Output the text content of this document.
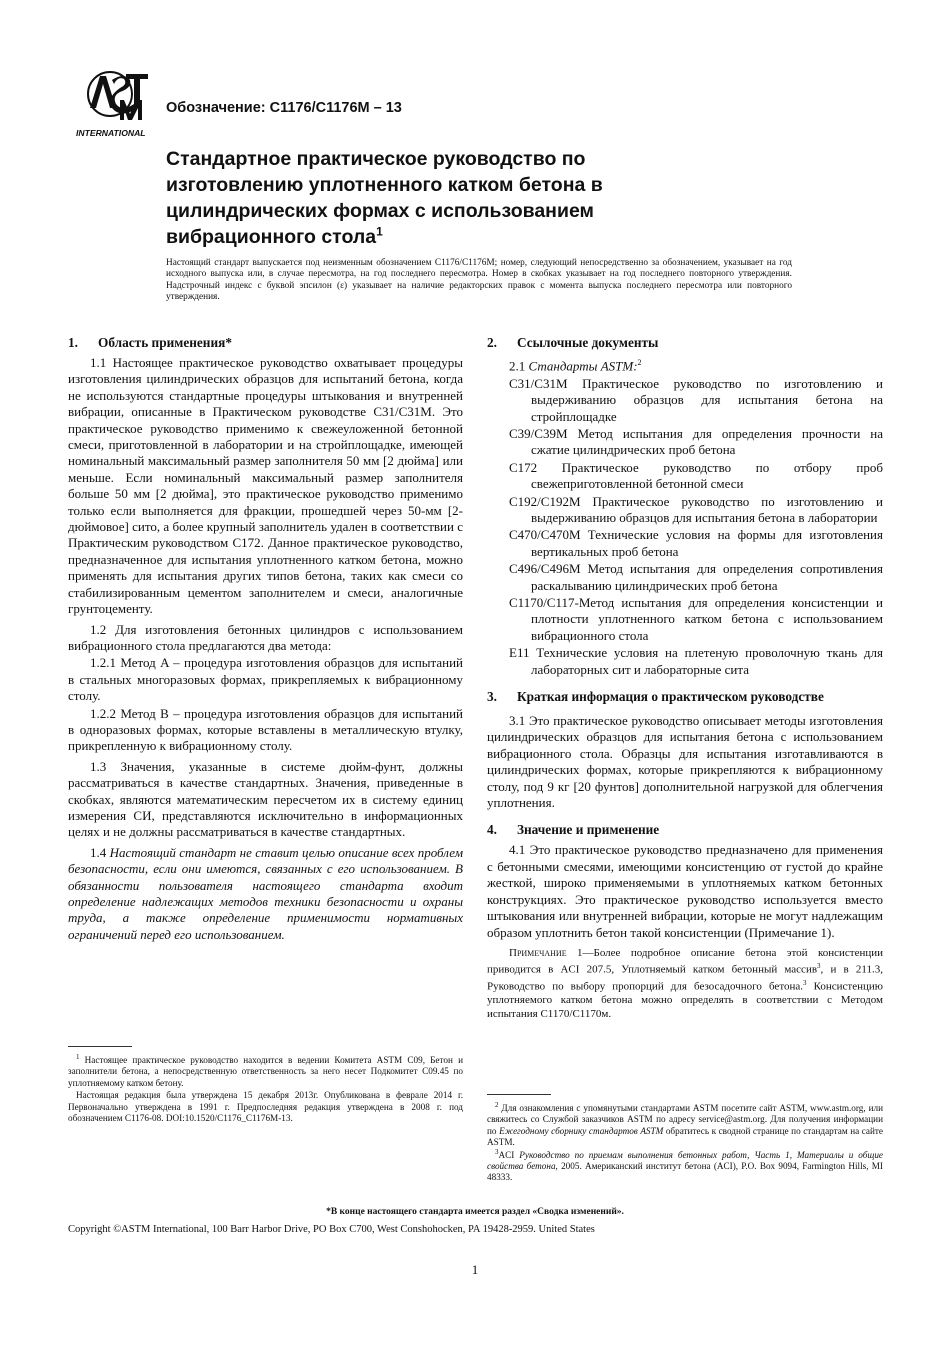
INTERNATIONAL
Обозначение: C1176/C1176M – 13
Стандартное практическое руководство по изготовлению уплотненного катком бетона в цилиндрических формах с использованием вибрационного стола$^1$
Настоящий стандарт выпускается под неизменным обозначением C1176/C1176M; номер, следующий непосредственно за обозначением, указывает на год исходного выпуска или, в случае пересмотра, на год последнего пересмотра. Номер в скобках указывает на год последнего повторного утверждения. Надстрочный индекс с буквой эпсилон (ε) указывает на наличие редакторских правок с момента выпуска последнего пересмотра или повторного утверждения.
1.	Область применения*

1.1 Настоящее практическое руководство охватывает процедуры изготовления цилиндрических образцов для испытаний бетона, когда не используются стандартные процедуры штыкования и внутренней вибрации, описанные в Практическом руководстве C31/C31M. Это практическое руководство применимо к свежеуложенной бетонной смеси, приготовленной в лаборатории и на стройплощадке, имеющей номинальный максимальный размер заполнителя 50 мм [2 дюйма] или меньше. Если номинальный максимальный размер заполнителя больше 50 мм [2 дюйма], это практическое руководство применимо только если выполняется для фракции, прошедшей через 50-мм [2-дюймовое] сито, а более крупный заполнитель удален в соответствии с Практическим руководством C172. Данное практическое руководство, предназначенное для испытания уплотненного катком бетона, можно применять для испытания других типов бетона, таких как смеси со стабилизированным цементом заполнителем и смеси, аналогичные грунтоцементу.

1.2 Для изготовления бетонных цилиндров с использованием вибрационного стола предлагаются два метода:

1.2.1 Метод A – процедура изготовления образцов для испытаний в стальных многоразовых формах, прикрепляемых к вибрационному столу.

1.2.2 Метод B – процедура изготовления образцов для испытаний в одноразовых формах, которые вставлены в металлическую втулку, прикрепленную к вибрационному столу.

1.3 Значения, указанные в системе дюйм-фунт, должны рассматриваться в качестве стандартных. Значения, приведенные в скобках, являются математическим пересчетом их в систему единиц измерения СИ, представляются исключительно в информационных целях и не должны рассматриваться в качестве стандартных.

1.4 Настоящий стандарт не ставит целью описание всех проблем безопасности, если они имеются, связанных с его использованием. В обязанности пользователя настоящего стандарта входит определение надлежащих методов техники безопасности и охраны труда, а также определение применимости нормативных ограничений перед его использованием.

$^1$ Настоящее практическое руководство находится в ведении Комитета ASTM C09, Бетон и заполнители бетона, а непосредственную ответственность за него несет Подкомитет C09.45 по уплотняемому катком бетону.

Настоящая редакция была утверждена 15 декабря 2013г. Опубликована в феврале 2014 г. Первоначально утверждена в 1991 г. Предпоследняя редакция утверждена в 2008 г. под обозначением C1176-08. DOI:10.1520/C1176_C1176M-13.

2.	Ссылочные документы
2.1 Стандарты ASTM:$^2$
C31/C31M Практическое руководство по изготовлению и выдерживанию образцов для испытания бетона на стройплощадке
C39/C39M Метод испытания для определения прочности на сжатие цилиндрических проб бетона
C172 Практическое руководство по отбору проб свежеприготовленной бетонной смеси
C192/C192M Практическое руководство по изготовлению и выдерживанию образцов для испытания бетона в лаборатории
C470/C470M Технические условия на формы для изготовления вертикальных проб бетона
C496/C496M Метод испытания для определения сопротивления раскалыванию цилиндрических проб бетона
C1170/C117-Метод испытания для определения консистенции и плотности уплотненного катком бетона с использованием вибрационного стола
E11 Технические условия на плетеную проволочную ткань для лабораторных сит и лабораторные сита
3.	Краткая информация о практическом руководстве

3.1 Это практическое руководство описывает методы изготовления цилиндрических образцов для испытания бетона с использованием вибрационного стола. Образцы для испытания изготавливаются в цилиндрических формах, которые прикрепляются к вибрационному столу, под 9 кг [20 фунтов] дополнительной нагрузкой для облегчения уплотнения.

4.	Значение и применение

4.1 Это практическое руководство предназначено для применения с бетонными смесями, имеющими консистенцию от густой до крайне жесткой, широко применяемыми в уплотняемых катком бетонных конструкциях. Это практическое руководство используется вместо штыкования или внутренней вибрации, которые не могут надлежащим образом уплотнить бетон такой консистенции (Примечание 1).

Примечание 1—Более подробное описание бетона этой консистенции приводится в ACI 207.5, Уплотняемый катком бетонный массив$^3$, и в 211.3, Руководство по выбору пропорций для безосадочного бетона.$^3$ Консистенцию уплотняемого катком бетона можно определять в соответствии с Методом испытания C1170/C1170м.

$^2$ Для ознакомления с упомянутыми стандартами ASTM посетите сайт ASTM, www.astm.org, или свяжитесь со Службой заказчиков ASTM по адресу service@astm.org. Для получения информации по Ежегодному сборнику стандартов ASTM обратитесь к сводной странице по стандартам на сайте ASTM.

$^3$ACI Руководство по приемам выполнения бетонных работ, Часть 1, Материалы и общие свойства бетона, 2005. Американский институт бетона (ACI), P.O. Box 9094, Farmington Hills, MI 48333.

*В конце настоящего стандарта имеется раздел «Сводка изменений».
Copyright ©ASTM International, 100 Barr Harbor Drive, PO Box C700, West Conshohocken, PA 19428-2959. United States
1
